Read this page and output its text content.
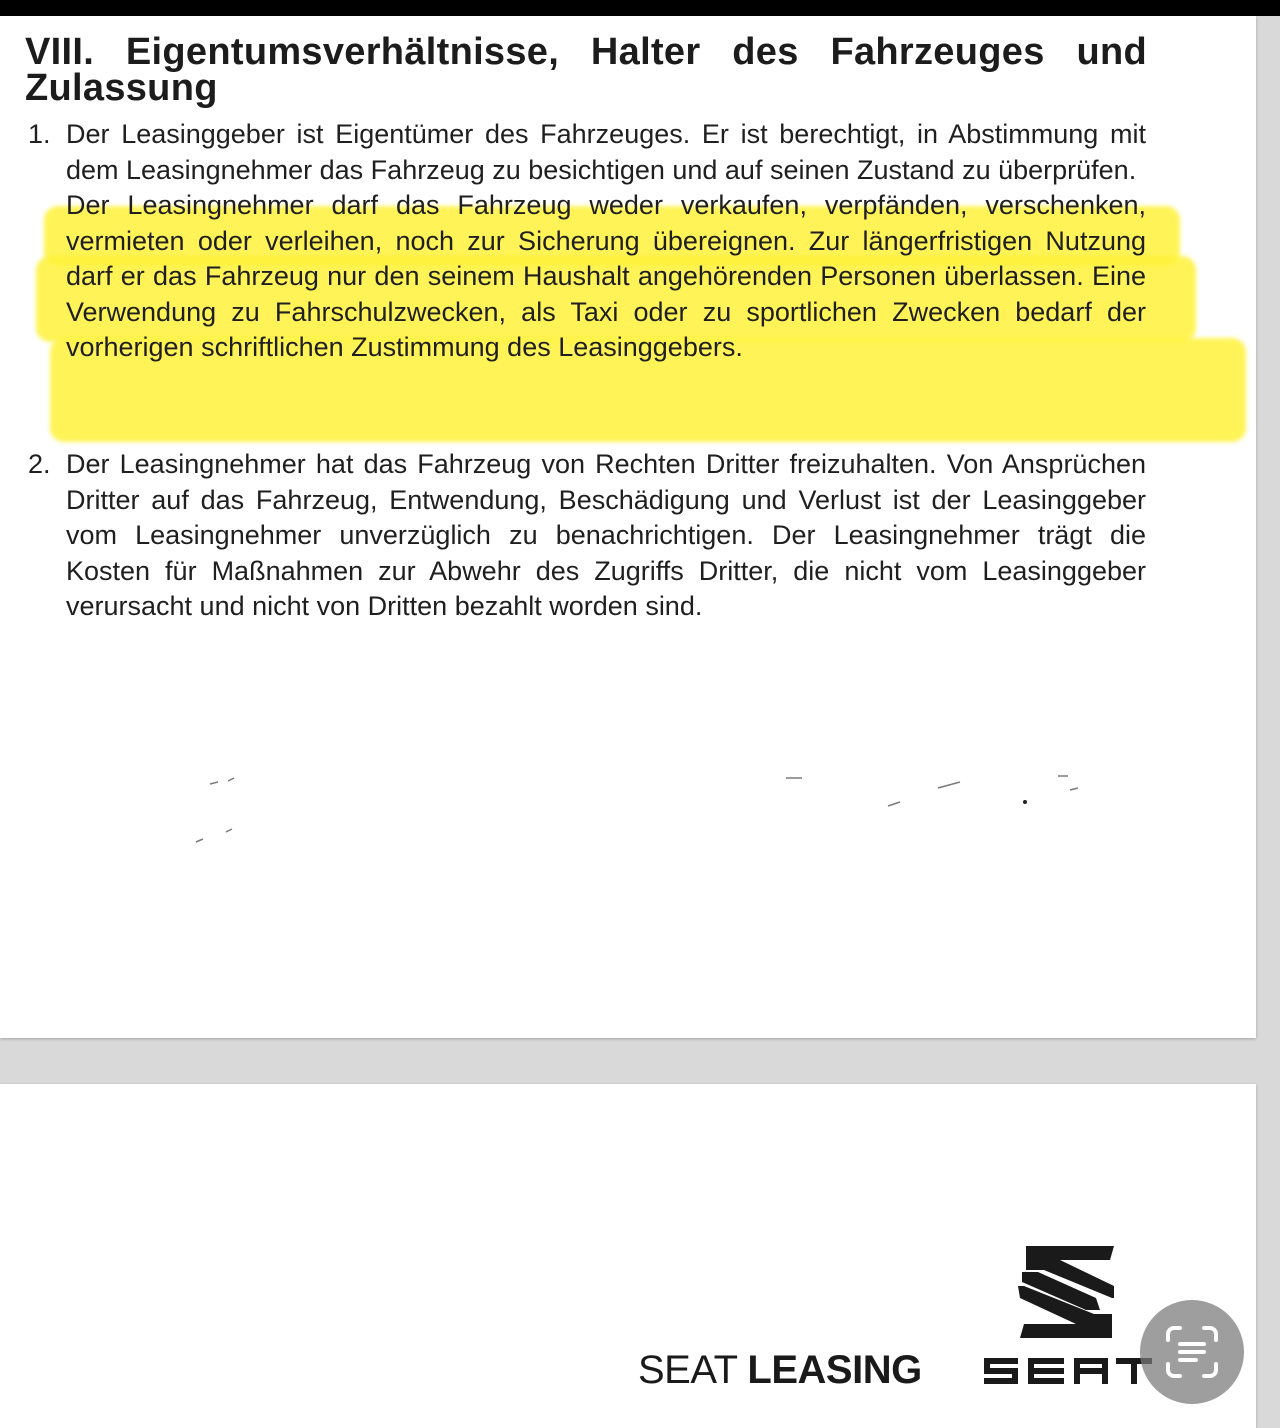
VIII. Eigentumsverhältnisse, Halter des Fahrzeuges und Zulassung
1. Der Leasinggeber ist Eigentümer des Fahrzeuges. Er ist berechtigt, in Abstimmung mit dem Leasingnehmer das Fahrzeug zu besichtigen und auf seinen Zustand zu überprüfen.

Der Leasingnehmer darf das Fahrzeug weder verkaufen, verpfänden, verschenken, vermieten oder verleihen, noch zur Sicherung übereignen. Zur längerfristigen Nutzung darf er das Fahrzeug nur den seinem Haushalt angehörenden Personen überlassen. Eine Verwendung zu Fahrschulzwecken, als Taxi oder zu sportlichen Zwecken bedarf der vorherigen schriftlichen Zustimmung des Leasinggebers.

2. Der Leasingnehmer hat das Fahrzeug von Rechten Dritter freizuhalten. Von Ansprüchen Dritter auf das Fahrzeug, Entwendung, Beschädigung und Verlust ist der Leasinggeber vom Leasingnehmer unverzüglich zu benachrichtigen. Der Leasingnehmer trägt die Kosten für Maßnahmen zur Abwehr des Zugriffs Dritter, die nicht vom Leasinggeber verursacht und nicht von Dritten bezahlt worden sind.

SEAT LEASING
